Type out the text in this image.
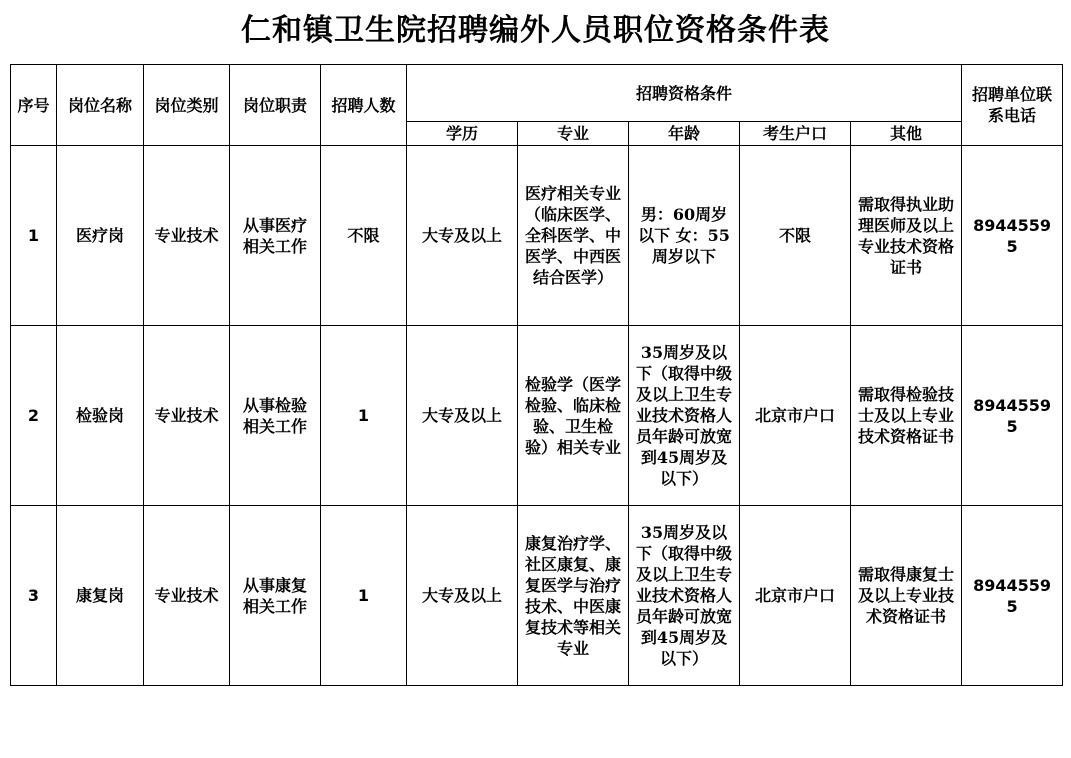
仁和镇卫生院招聘编外人员职位资格条件表
序号	岗位名称	岗位类别	岗位职责	招聘人数	招聘资格条件					招聘单位联系电话
					学历	专业	年龄	考生户口	其他	
1	医疗岗	专业技术	从事医疗相关工作	不限	大专及以上	医疗相关专业（临床医学、全科医学、中医学、中西医结合医学）	男：60周岁以下 女：55周岁以下	不限	需取得执业助理医师及以上专业技术资格证书	89445595
2	检验岗	专业技术	从事检验相关工作	1	大专及以上	检验学（医学检验、临床检验、卫生检验）相关专业	35周岁及以下（取得中级及以上卫生专业技术资格人员年龄可放宽到45周岁及以下）	北京市户口	需取得检验技士及以上专业技术资格证书	89445595
3	康复岗	专业技术	从事康复相关工作	1	大专及以上	康复治疗学、社区康复、康复医学与治疗技术、中医康复技术等相关专业	35周岁及以下（取得中级及以上卫生专业技术资格人员年龄可放宽到45周岁及以下）	北京市户口	需取得康复士及以上专业技术资格证书	89445595
